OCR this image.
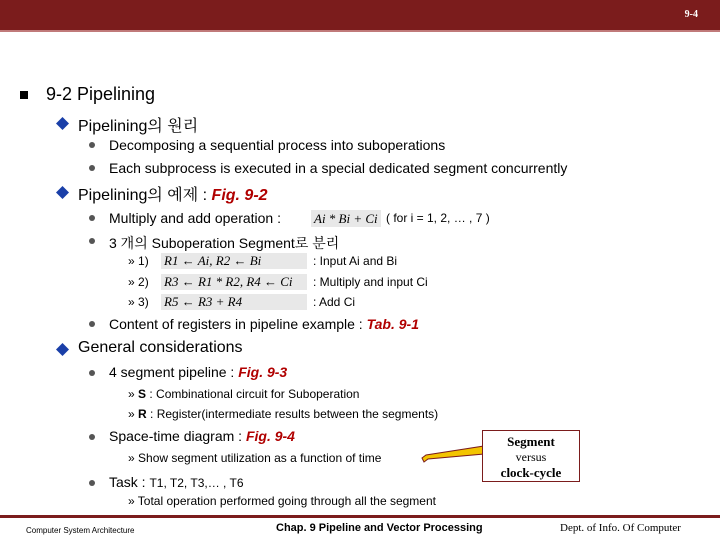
9-4
9-2 Pipelining
Pipelining의 원리
Decomposing a sequential process into suboperations
Each subprocess is executed in a special dedicated segment concurrently
Pipelining의 예제 : Fig. 9-2
Multiply and add operation :	Ai * Bi + Ci ( for i = 1, 2, … , 7 )
3 개의 Suboperation Segment로 분리
» 1) R1 ← Ai, R2 ← Bi	: Input Ai and Bi
» 2) R3 ← R1 * R2, R4 ← Ci	: Multiply and input Ci
» 3) R5 ← R3 + R4	: Add Ci
Content of registers in pipeline example : Tab. 9-1
General considerations
4 segment pipeline : Fig. 9-3
» S : Combinational circuit for Suboperation
» R : Register(intermediate results between the segments)
Space-time diagram : Fig. 9-4
» Show segment utilization as a function of time
Segment
versus
clock-cycle
Task : T1, T2, T3,… , T6
» Total operation performed going through all the segment
Computer System Architecture	Chap. 9 Pipeline and Vector Processing	Dept. of Info. Of Computer
